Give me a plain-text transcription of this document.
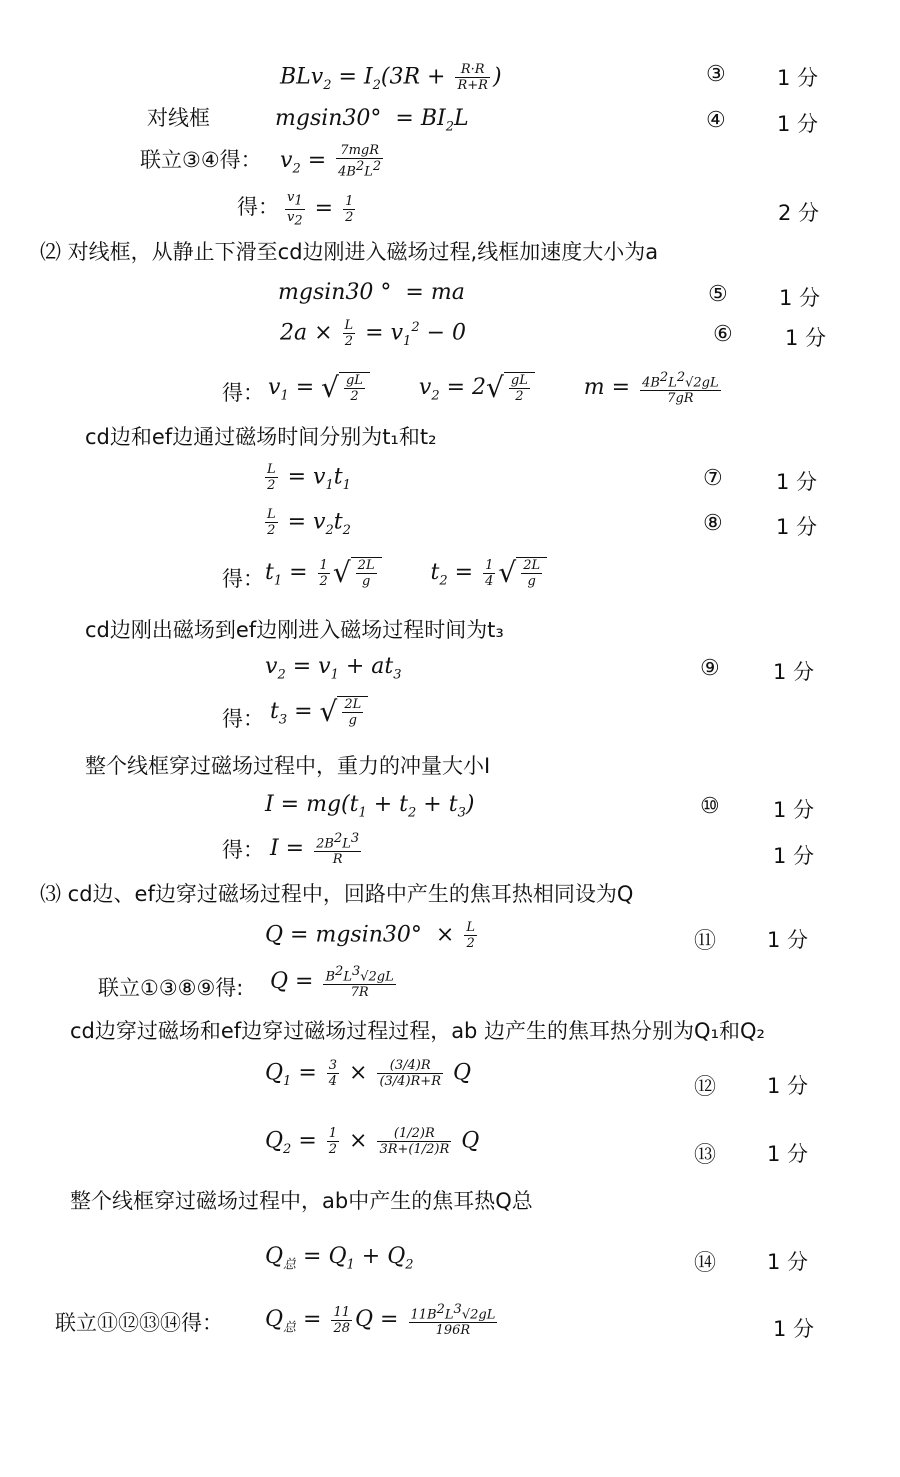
$BLv_2 = I_2(3R + \frac{R\cdot R}{R+R}$ )	③ 1 分
对线框	$mgsin30^\circ = BI_2L$	④ 1 分
联立③④得： $v_2 = \frac{\text{7mgR}}{4B^2L^2}$
得： $\frac{v_1}{v_2} = \frac{1}{2}$	2 分
⑵ 对线框，从静止下滑至cd边刚进入磁场过程,线框加速度大小为a
mgsin30 °  = ma	⑤ 1 分
$2a \times \frac{L}{2} = v_1^2 - 0$	⑥ 1 分
得： $v_1$ = √ $\frac{gL}{2} v_2 = 2√ \frac{gL}{2}$ $m = \frac{4B^2L^2√2gL}{7gR}$
cd边和ef边通过磁场时间分别为t₁和t₂
$\frac{L}{2} = v_1t_1$	⑦	1 分
$\frac{L}{2} = v_2t_2$	⑧	1 分
得： $t_1 = \frac{1}{2}$ √ $\frac{2L}{g} t_2 = \frac{1}{4}$ √ $\frac{2L}{g}$
cd边刚出磁场到ef边刚进入磁场过程时间为t₃
$v_2 = v_1 + at_3$	⑨	1 分
得： $t_3$ = √ $\frac{2L}{g}$
整个线框穿过磁场过程中，重力的冲量大小I
$I = mg(t_1 + t_2 + t_3)$	⑩	1 分
得： $I = \frac{2B^2L^3}{R}$	1 分
⑶ cd边、ef边穿过磁场过程中，回路中产生的焦耳热相同设为Q
$Q = mgsin30^\circ \times \frac{L}{2}$	⑪ 1 分
联立①③⑧⑨得: $Q = \frac{B^2L^3√2gL}{7R}$
cd边穿过磁场和ef边穿过磁场过程过程，ab 边产生的焦耳热分别为Q₁和Q₂
$Q_1 = \frac{3}{4} \times \frac{(3/4)R}{(3/4)R+R}$ Q
⑫ 1 分
$Q_2 = \frac{1}{2} \times \frac{(1/2)R}{3R+(1/2)R}$ Q
⑬ 1 分
整个线框穿过磁场过程中，ab中产生的焦耳热Q总
$Q_总 = Q_1 + Q_2$	⑭ 1 分
联立⑪⑫⑬⑭得： $Q_总 = \frac{11}{28}$ $Q = \frac{11B^2L^3√2gL}{196R}$	1 分
